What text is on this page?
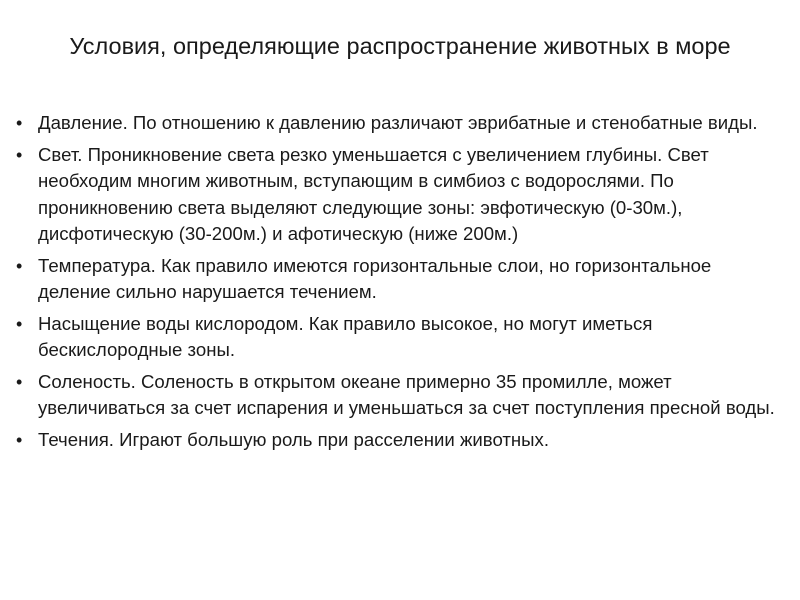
Условия, определяющие распространение животных в море
• Давление. По отношению к давлению различают эврибатные и стенобатные виды.
• Свет. Проникновение света резко уменьшается с увеличением глубины. Свет необходим многим животным, вступающим в симбиоз с водорослями. По проникновению света выделяют следующие зоны: эвфотическую (0-30м.), дисфотическую (30-200м.) и афотическую (ниже 200м.)
• Температура. Как правило имеются горизонтальные слои, но горизонтальное деление сильно нарушается течением.
• Насыщение воды кислородом. Как правило высокое, но могут иметься бескислородные зоны.
• Соленость. Соленость в открытом океане примерно 35 промилле, может увеличиваться за счет испарения и уменьшаться за счет поступления пресной воды.
• Течения. Играют большую роль при расселении животных.
